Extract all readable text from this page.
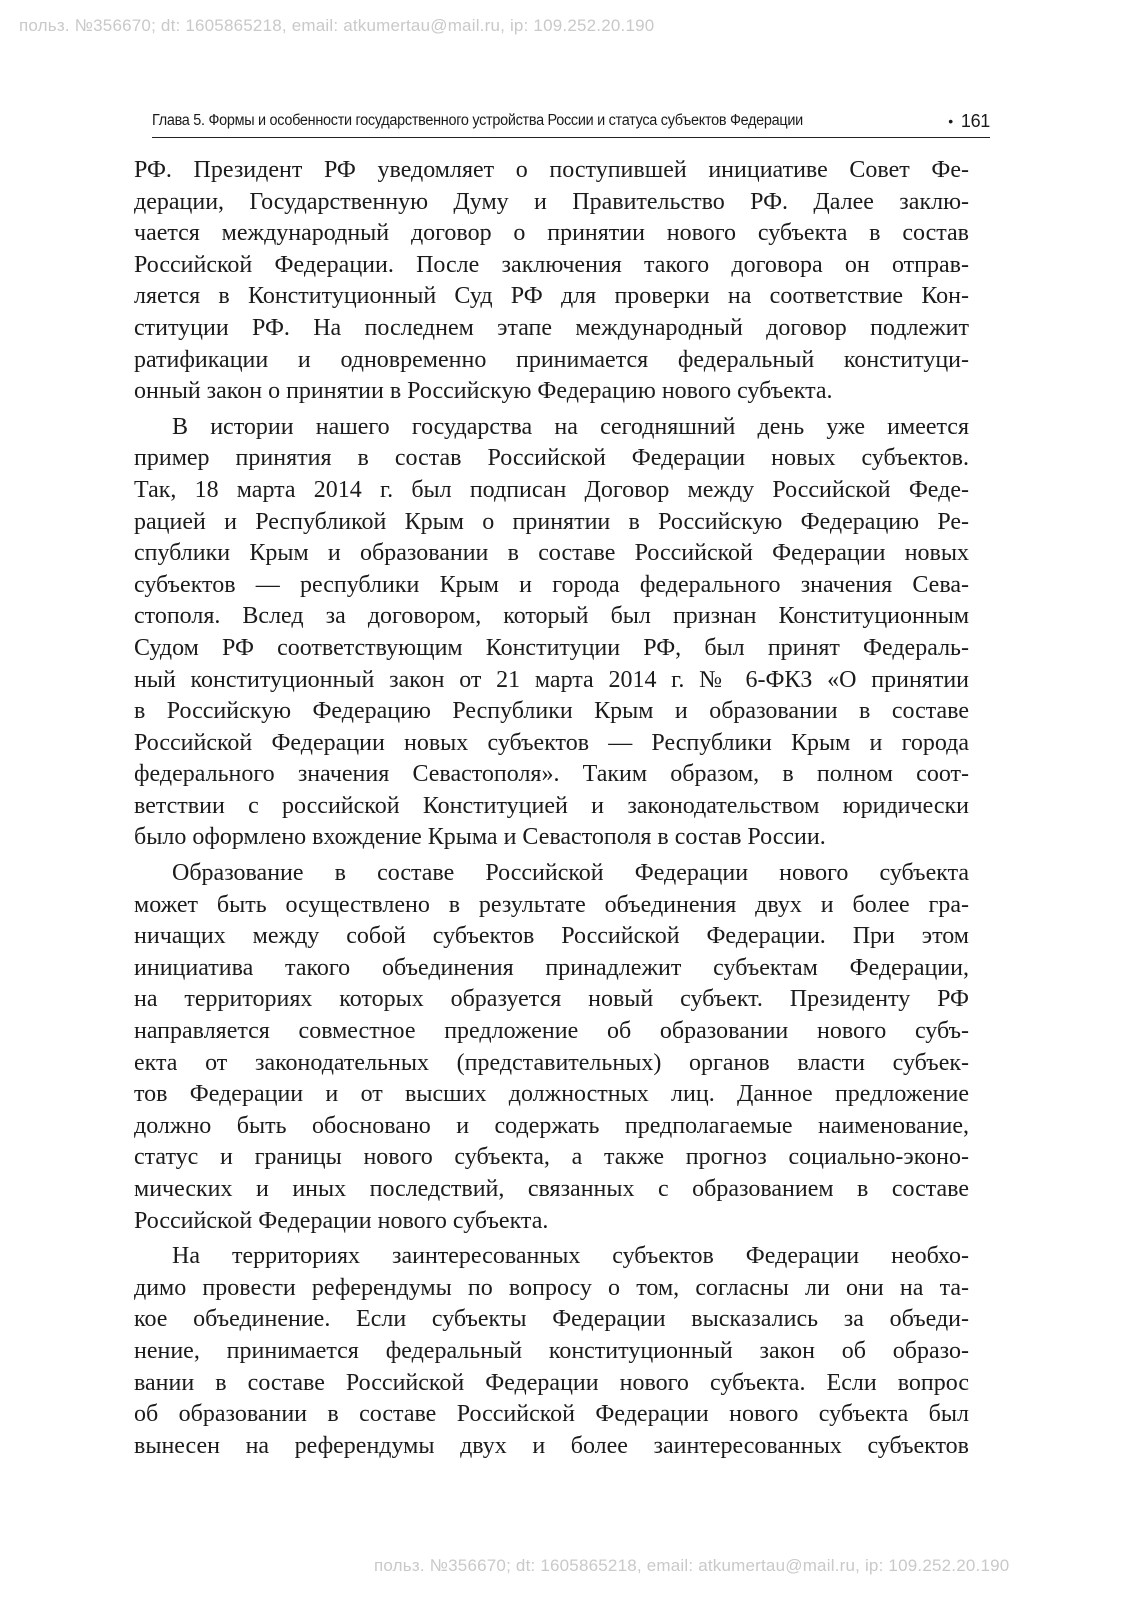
польз. №356670; dt: 1605865218, email: atkumertau@mail.ru, ip: 109.252.20.190
Глава 5. Формы и особенности государственного устройства России и статуса субъектов Федерации	• 161
РФ. Президент РФ уведомляет о поступившей инициативе Совет Фе-
дерации, Государственную Думу и Правительство РФ. Далее заклю-
чается международный договор о принятии нового субъекта в состав
Российской Федерации. После заключения такого договора он отправ-
ляется в Конституционный Суд РФ для проверки на соответствие Кон-
ституции РФ. На последнем этапе международный договор подлежит
ратификации и одновременно принимается федеральный конституци-
онный закон о принятии в Российскую Федерацию нового субъекта.
В истории нашего государства на сегодняшний день уже имеется
пример принятия в состав Российской Федерации новых субъектов.
Так, 18 марта 2014 г. был подписан Договор между Российской Феде-
рацией и Республикой Крым о принятии в Российскую Федерацию Ре-
спублики Крым и образовании в составе Российской Федерации новых
субъектов — республики Крым и города федерального значения Сева-
стополя. Вслед за договором, который был признан Конституционным
Судом РФ соответствующим Конституции РФ, был принят Федераль-
ный конституционный закон от 21 марта 2014 г. № 6-ФКЗ «О принятии
в Российскую Федерацию Республики Крым и образовании в составе
Российской Федерации новых субъектов — Республики Крым и города
федерального значения Севастополя». Таким образом, в полном соот-
ветствии с российской Конституцией и законодательством юридически
было оформлено вхождение Крыма и Севастополя в состав России.
Образование в составе Российской Федерации нового субъекта
может быть осуществлено в результате объединения двух и более гра-
ничащих между собой субъектов Российской Федерации. При этом
инициатива такого объединения принадлежит субъектам Федерации,
на территориях которых образуется новый субъект. Президенту РФ
направляется совместное предложение об образовании нового субъ-
екта от законодательных (представительных) органов власти субъек-
тов Федерации и от высших должностных лиц. Данное предложение
должно быть обосновано и содержать предполагаемые наименование,
статус и границы нового субъекта, а также прогноз социально-эконо-
мических и иных последствий, связанных с образованием в составе
Российской Федерации нового субъекта.
На территориях заинтересованных субъектов Федерации необхо-
димо провести референдумы по вопросу о том, согласны ли они на та-
кое объединение. Если субъекты Федерации высказались за объеди-
нение, принимается федеральный конституционный закон об образо-
вании в составе Российской Федерации нового субъекта. Если вопрос
об образовании в составе Российской Федерации нового субъекта был
вынесен на референдумы двух и более заинтересованных субъектов
польз. №356670; dt: 1605865218, email: atkumertau@mail.ru, ip: 109.252.20.190
